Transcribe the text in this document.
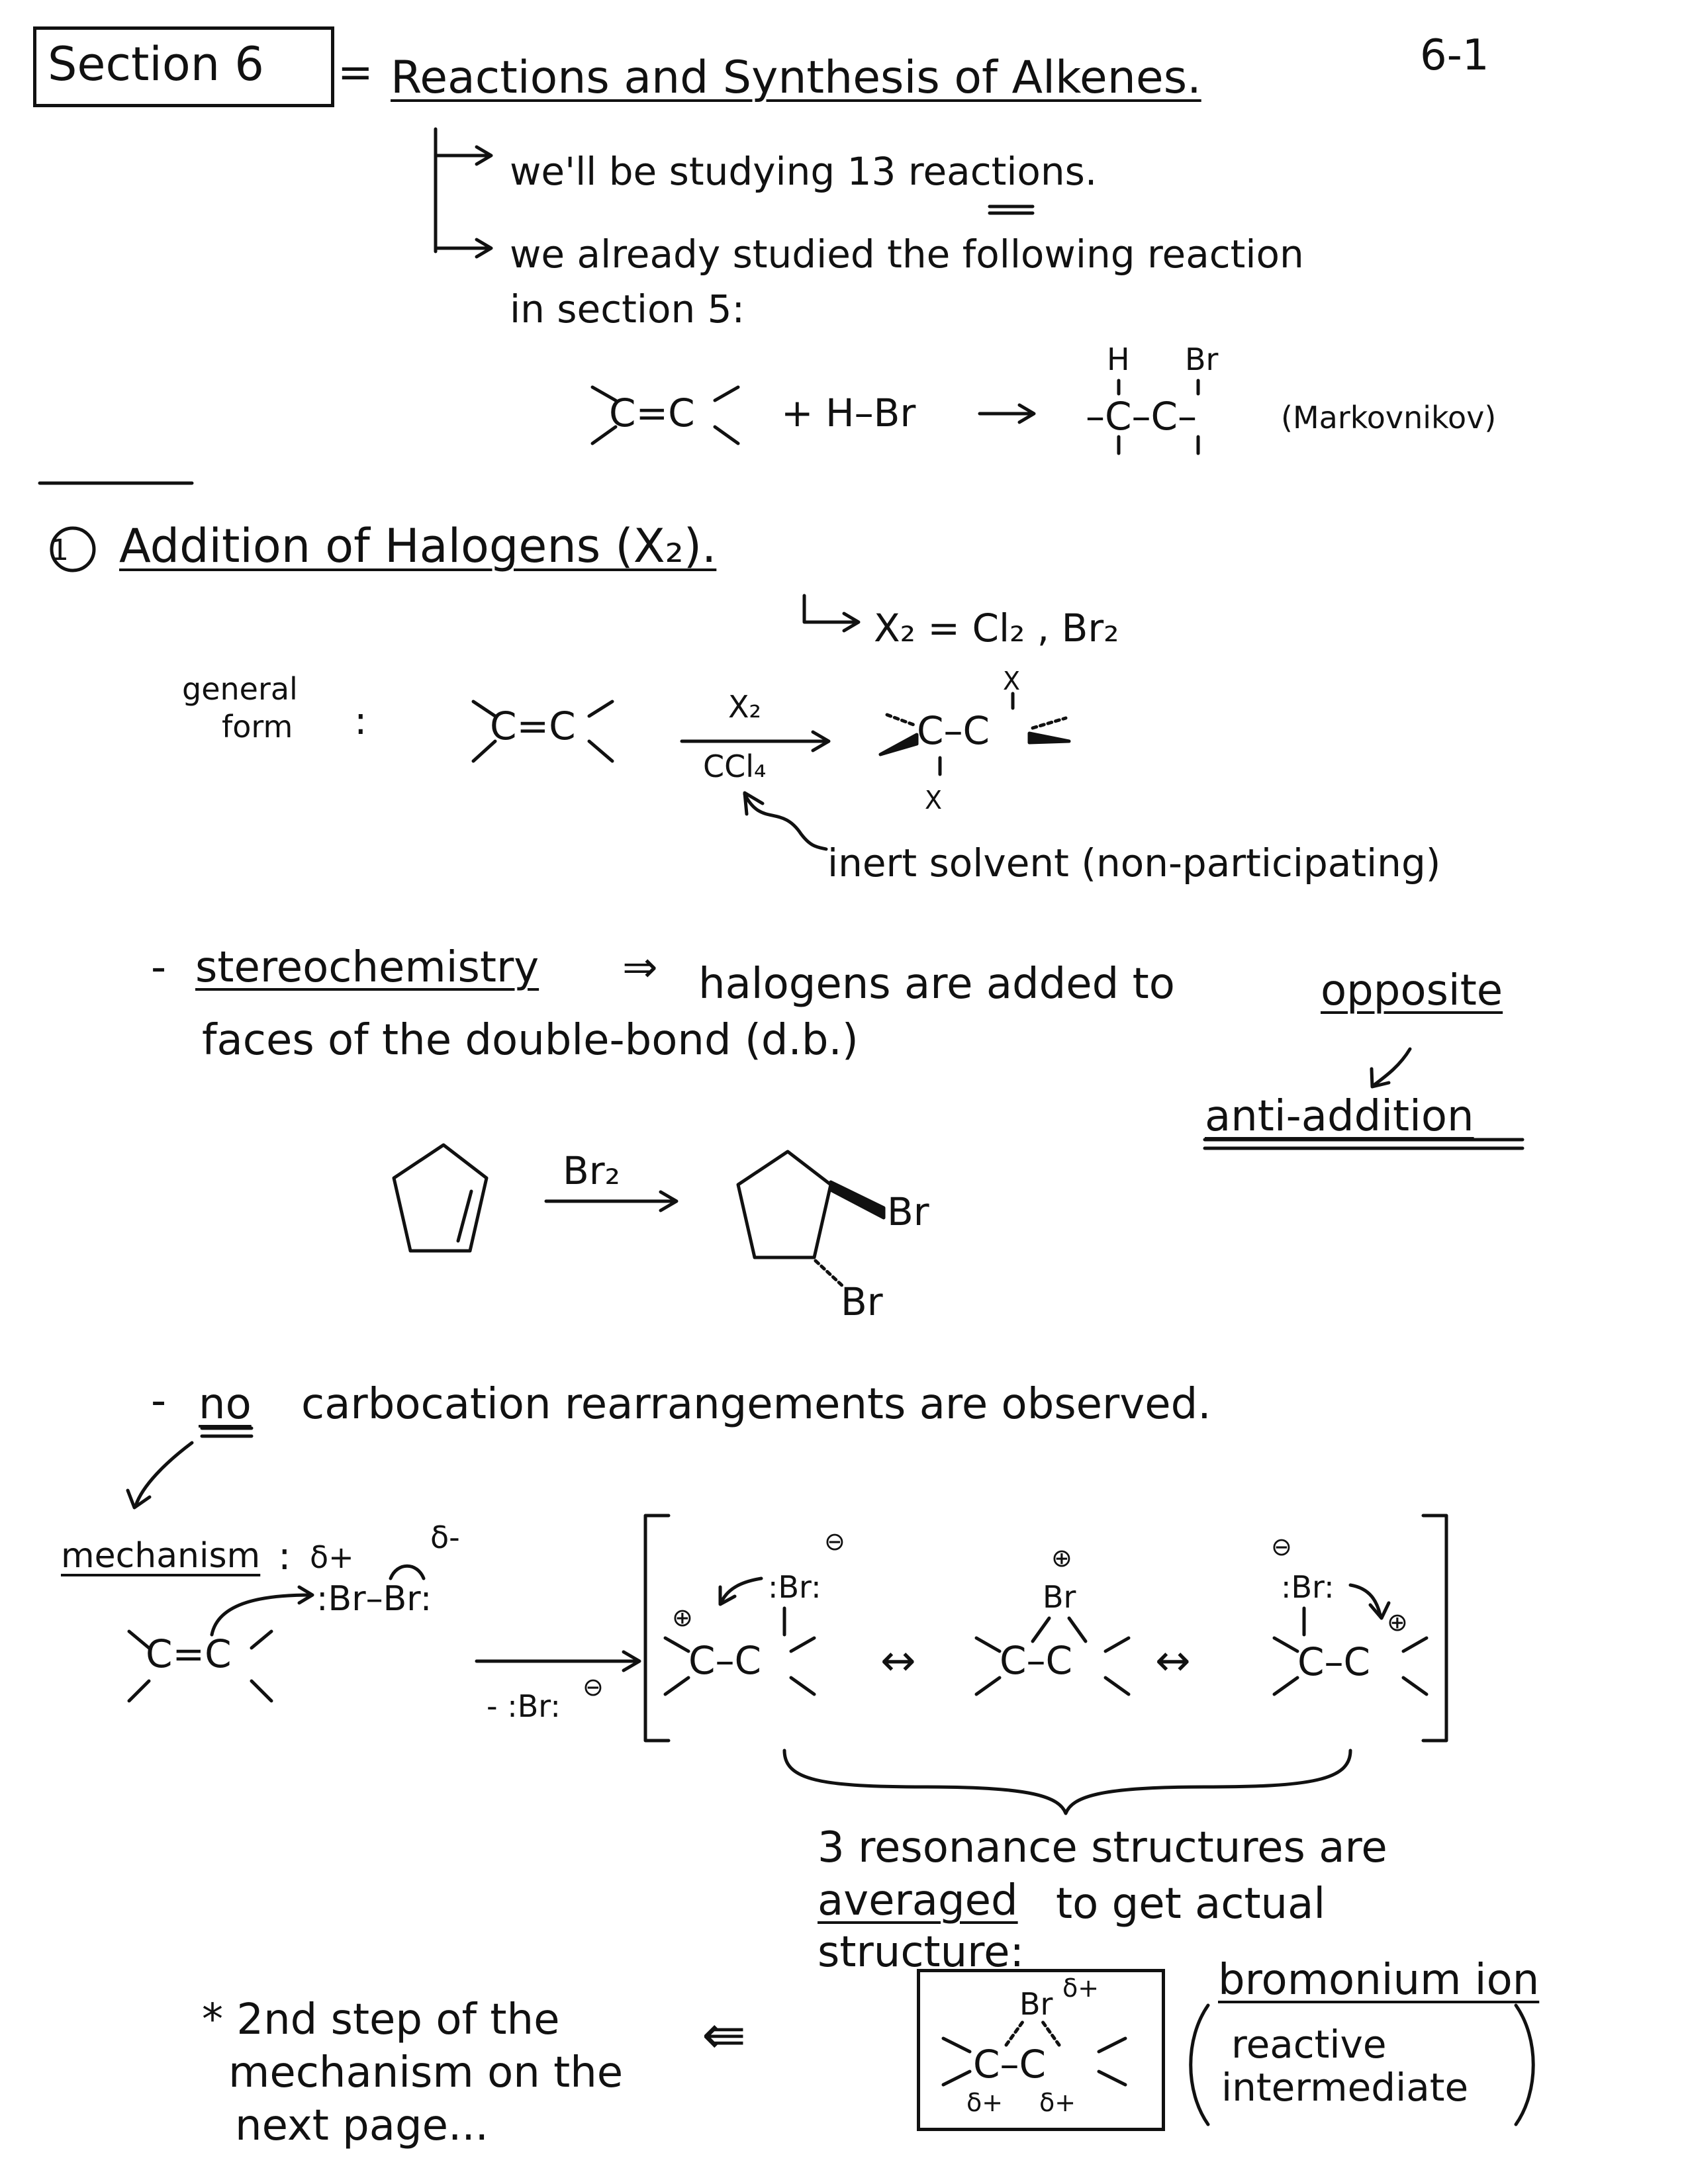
Section 6 = Reactions and Synthesis of Alkenes.	6-1
we'll be studying 13 reactions.
we already studied the following reaction
in section 5:
C=C + H–Br	–C–C–
H Br
(Markovnikov)
1 Addition of Halogens (X₂).
X₂ = Cl₂ , Br₂
general
form :	C=C	X₂
CCl₄
C–C
X
X
inert solvent (non-participating)
- stereochemistry ⇒ halogens are added to	opposite
faces of the double-bond (d.b.)
anti-addition
Br₂
Br
Br
- no carbocation rearrangements are observed.
mechanism : δ+
δ-
:Br–Br:
C=C
- :Br:
⊖
:Br:
⊖
⊕
C–C	↔
Br
⊕
C–C ↔
:Br:
⊖
⊕
C–C
3 resonance structures are
averaged to get actual
structure:
bromonium ion
reactive
intermediate
Br δ+
C–C
δ+ δ+
* 2nd step of the
mechanism on the
next page...
⇚
